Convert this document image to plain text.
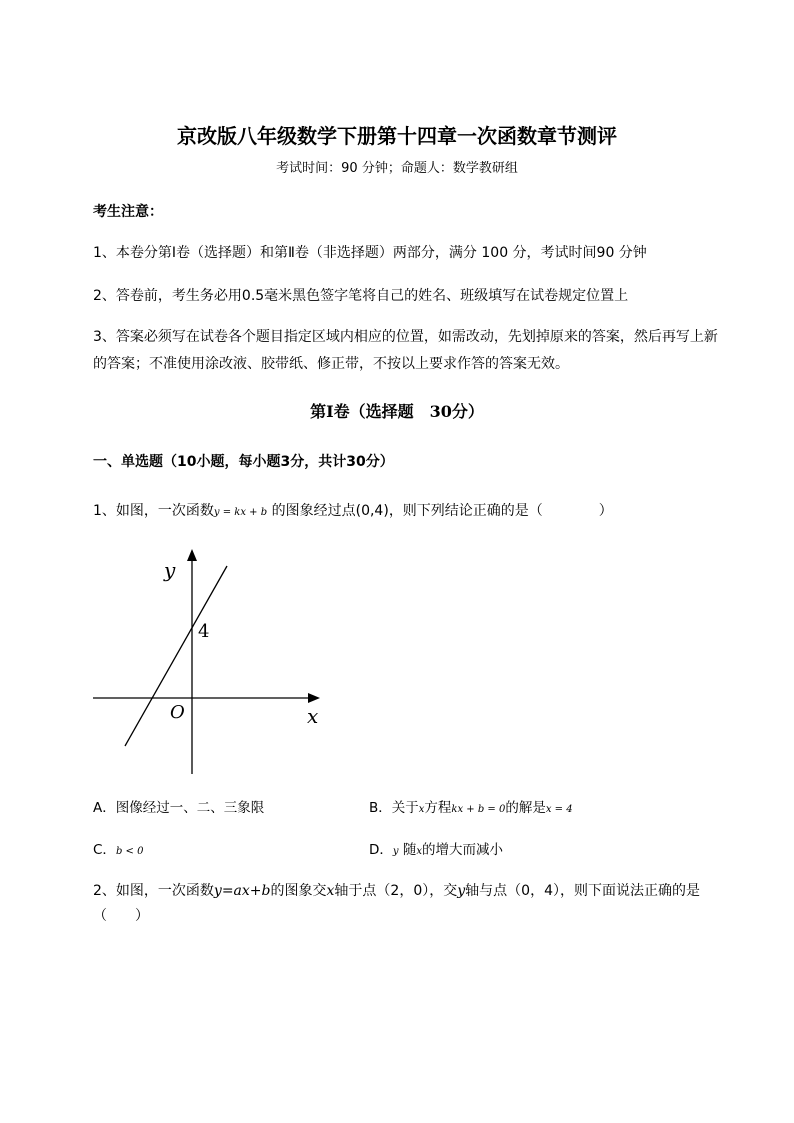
京改版八年级数学下册第十四章一次函数章节测评
考试时间：90 分钟；命题人：数学教研组
考生注意：
1、本卷分第Ⅰ卷（选择题）和第Ⅱ卷（非选择题）两部分，满分 100 分，考试时间90 分钟
2、答卷前，考生务必用0.5毫米黑色签字笔将自己的姓名、班级填写在试卷规定位置上
3、答案必须写在试卷各个题目指定区域内相应的位置，如需改动，先划掉原来的答案，然后再写上新
的答案；不准使用涂改液、胶带纸、修正带，不按以上要求作答的答案无效。
第Ⅰ卷（选择题　30分）
一、单选题（10小题，每小题3分，共计30分）
1、如图，一次函数y = kx + b 的图象经过点(0,4)，则下列结论正确的是（　　　　）
y
x
O
4
A．图像经过一、二、三象限	B．关于x方程kx + b = 0的解是x = 4
C．b < 0	D．y 随x的增大而减小
2、如图，一次函数y=ax+b的图象交x轴于点（2，0），交y轴与点（0，4），则下面说法正确的是
（　　）
